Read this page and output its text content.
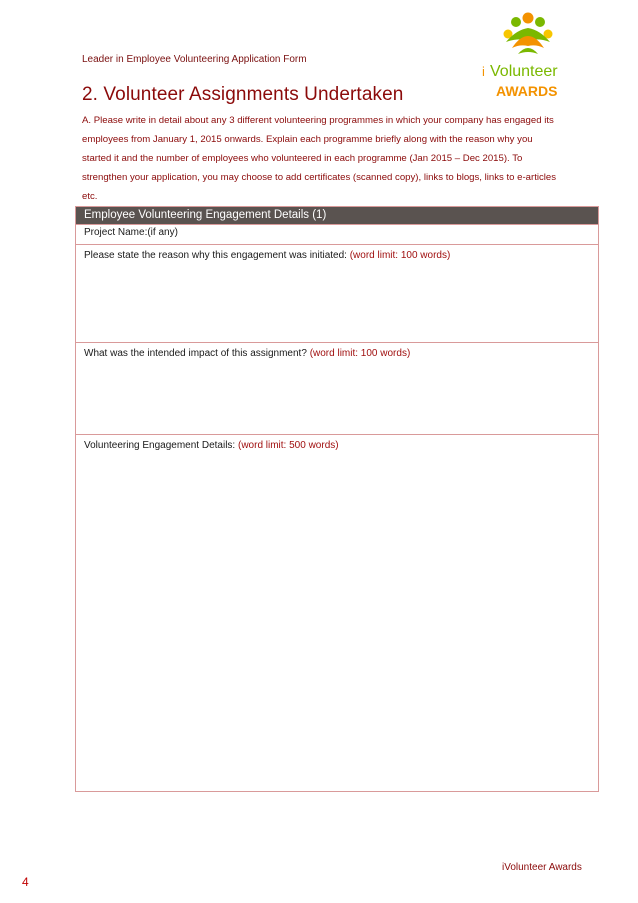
Leader in Employee Volunteering Application Form
i Volunteer
AWARDS
2. Volunteer Assignments Undertaken
A. Please write in detail about any 3 different volunteering programmes in which your company has engaged its employees from January 1, 2015 onwards. Explain each programme briefly along with the reason why you started it and the number of employees who volunteered in each programme (Jan 2015 – Dec 2015). To strengthen your application, you may choose to add certificates (scanned copy), links to blogs, links to e-articles etc.
Employee Volunteering Engagement Details (1)
Project Name:(if any)
Please state the reason why this engagement was initiated: (word limit: 100 words)
What was the intended impact of this assignment? (word limit: 100 words)
Volunteering Engagement Details: (word limit: 500 words)
iVolunteer Awards
4
